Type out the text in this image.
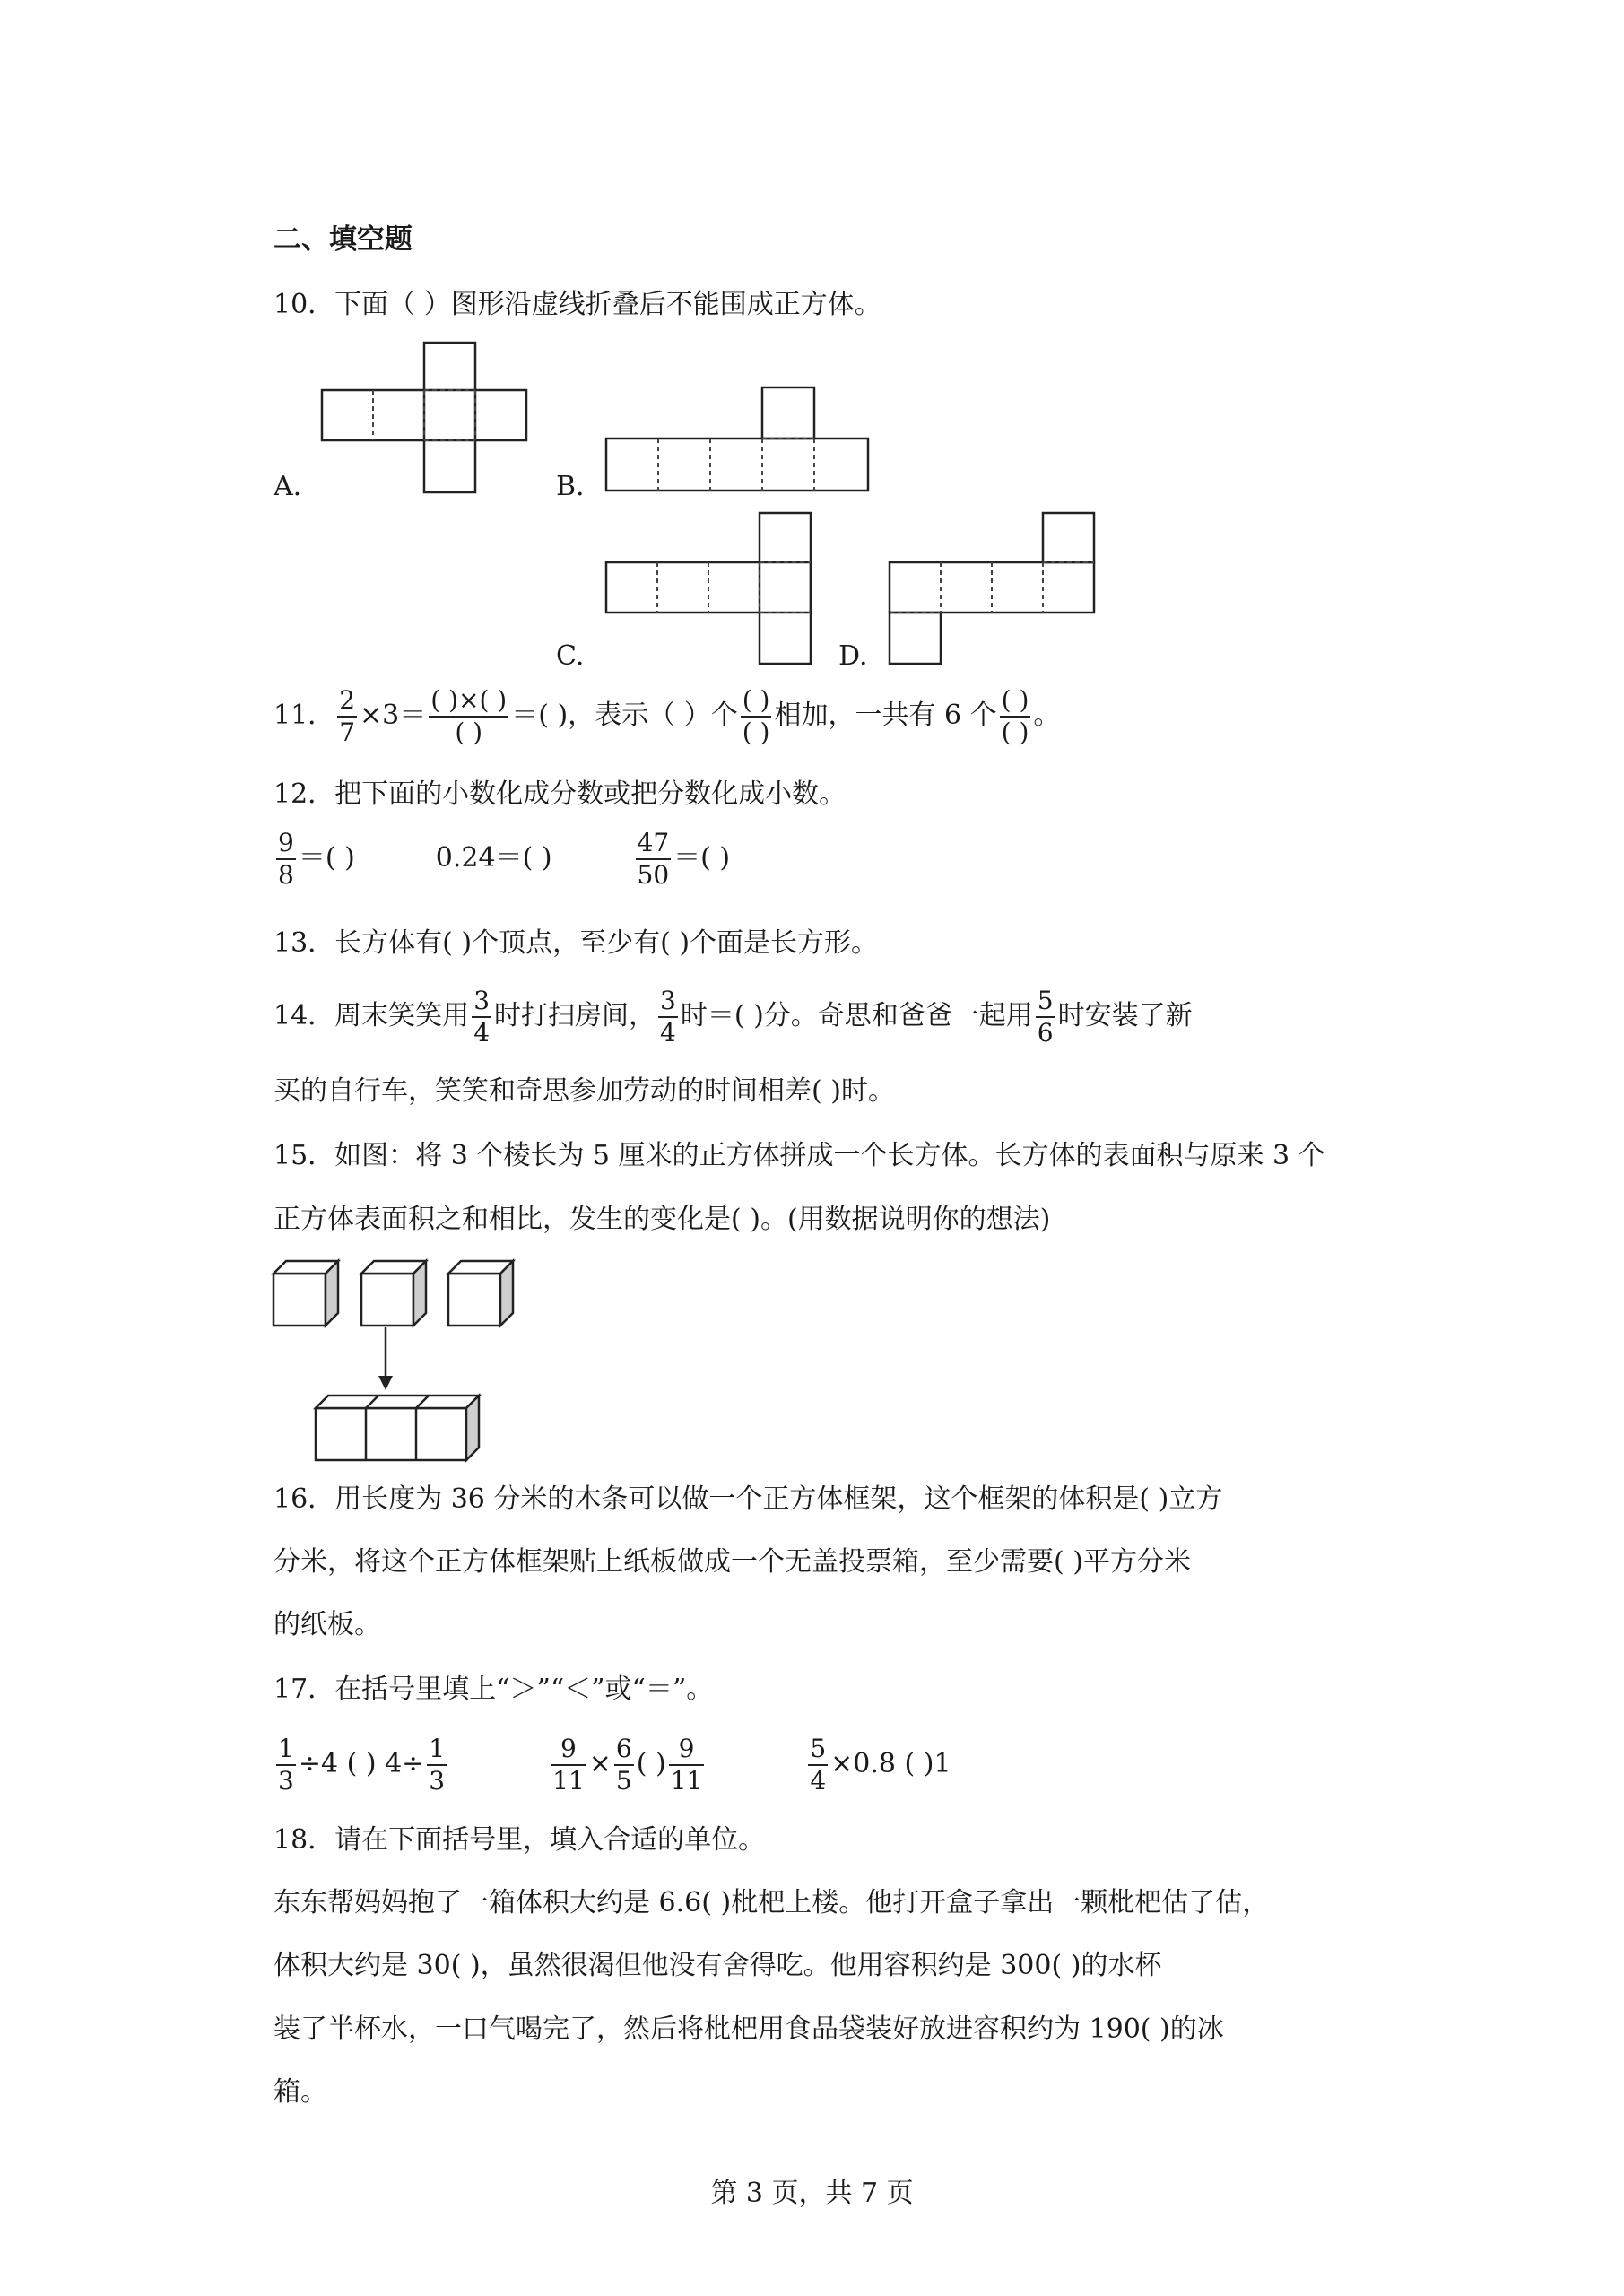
二、填空题
10．下面（ ）图形沿虚线折叠后不能围成正方体。
A.	B.
C.	D.
11． $\frac{2}{7} \times 3= \frac{( )\times( )}{( )}$ ＝( )，表示（ ）个 $\frac{( )}{( )}$ 相加，一共有 6 个 $\frac{( )}{( )}$ 。
12．把下面的小数化成分数或把分数化成小数。
$\frac{9}{8}$ ＝( )	0.24＝( )	$\frac{47}{50}$ ＝( )
13．长方体有( )个顶点，至少有( )个面是长方形。
14．周末笑笑用 $\frac{3}{4}$ 时打扫房间， $\frac{3}{4}$ 时＝( )分。奇思和爸爸一起用 $\frac{5}{6}$ 时安装了新
买的自行车，笑笑和奇思参加劳动的时间相差( )时。
15．如图：将 3 个棱长为 5 厘米的正方体拼成一个长方体。长方体的表面积与原来 3 个
正方体表面积之和相比，发生的变化是( )。(用数据说明你的想法)
16．用长度为 36 分米的木条可以做一个正方体框架，这个框架的体积是( )立方
分米，将这个正方体框架贴上纸板做成一个无盖投票箱，至少需要( )平方分米
的纸板。
17．在括号里填上“＞”“＜”或“＝”。
$\frac{1}{3} \div 4$ ( ) $4\div \frac{1}{3}$	$\frac{9}{11} \times \frac{6}{5}$ ( ) $\frac{9}{11}$	$\frac{5}{4} \times 0.8$ ( )1
18．请在下面括号里，填入合适的单位。
东东帮妈妈抱了一箱体积大约是 6.6( )枇杷上楼。他打开盒子拿出一颗枇杷估了估，
体积大约是 30( )，虽然很渴但他没有舍得吃。他用容积约是 300( )的水杯
装了半杯水，一口气喝完了，然后将枇杷用食品袋装好放进容积约为 190( )的冰
箱。
第 3 页，共 7 页
